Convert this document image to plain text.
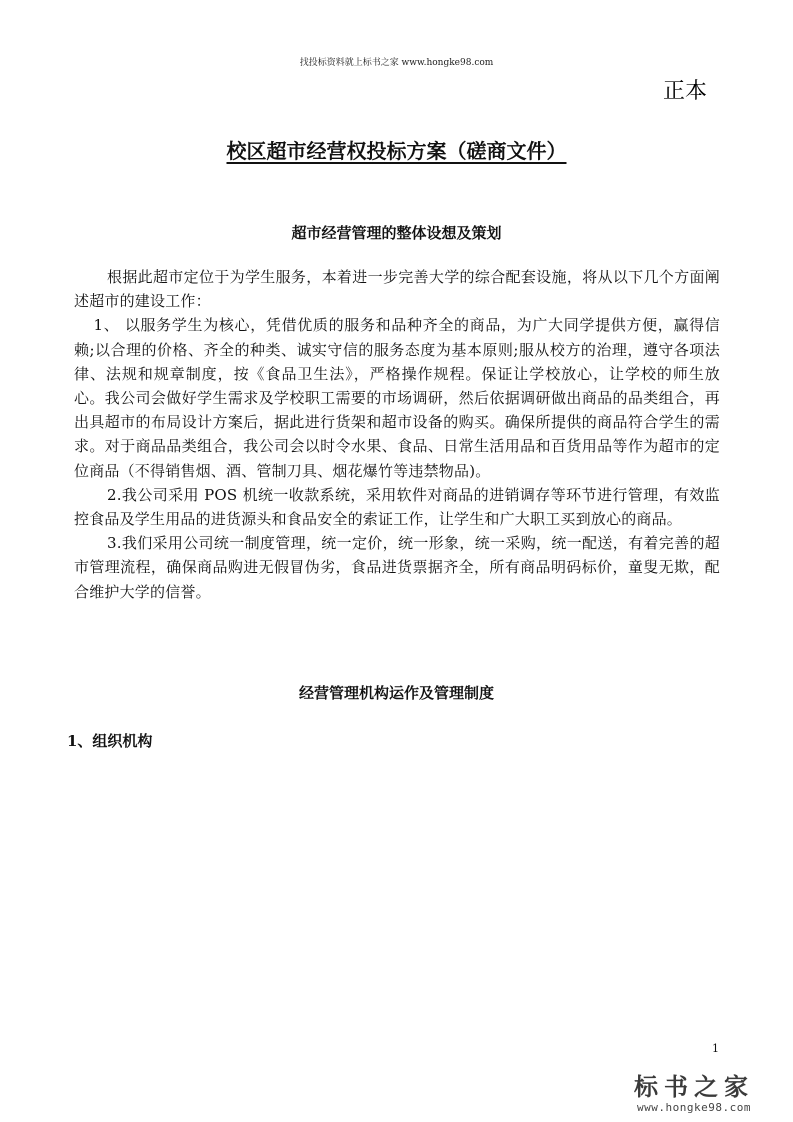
找投标资料就上标书之家 www.hongke98.com
正本
校区超市经营权投标方案（磋商文件）
超市经营管理的整体设想及策划

根据此超市定位于为学生服务，本着进一步完善大学的综合配套设施，将从以下几个方面阐述超市的建设工作：

1、 以服务学生为核心，凭借优质的服务和品种齐全的商品，为广大同学提供方便，赢得信赖;以合理的价格、齐全的种类、诚实守信的服务态度为基本原则;服从校方的治理，遵守各项法律、法规和规章制度，按《食品卫生法》，严格操作规程。保证让学校放心，让学校的师生放心。我公司会做好学生需求及学校职工需要的市场调研，然后依据调研做出商品的品类组合，再出具超市的布局设计方案后，据此进行货架和超市设备的购买。确保所提供的商品符合学生的需求。对于商品品类组合，我公司会以时令水果、食品、日常生活用品和百货用品等作为超市的定位商品（不得销售烟、酒、管制刀具、烟花爆竹等违禁物品)。

2.我公司采用 POS 机统一收款系统，采用软件对商品的进销调存等环节进行管理，有效监控食品及学生用品的进货源头和食品安全的索证工作，让学生和广大职工买到放心的商品。

3.我们采用公司统一制度管理，统一定价，统一形象，统一采购，统一配送，有着完善的超市管理流程，确保商品购进无假冒伪劣，食品进货票据齐全，所有商品明码标价，童叟无欺，配合维护大学的信誉。

经营管理机构运作及管理制度
1、组织机构
1
标书之家
www.hongke98.com
